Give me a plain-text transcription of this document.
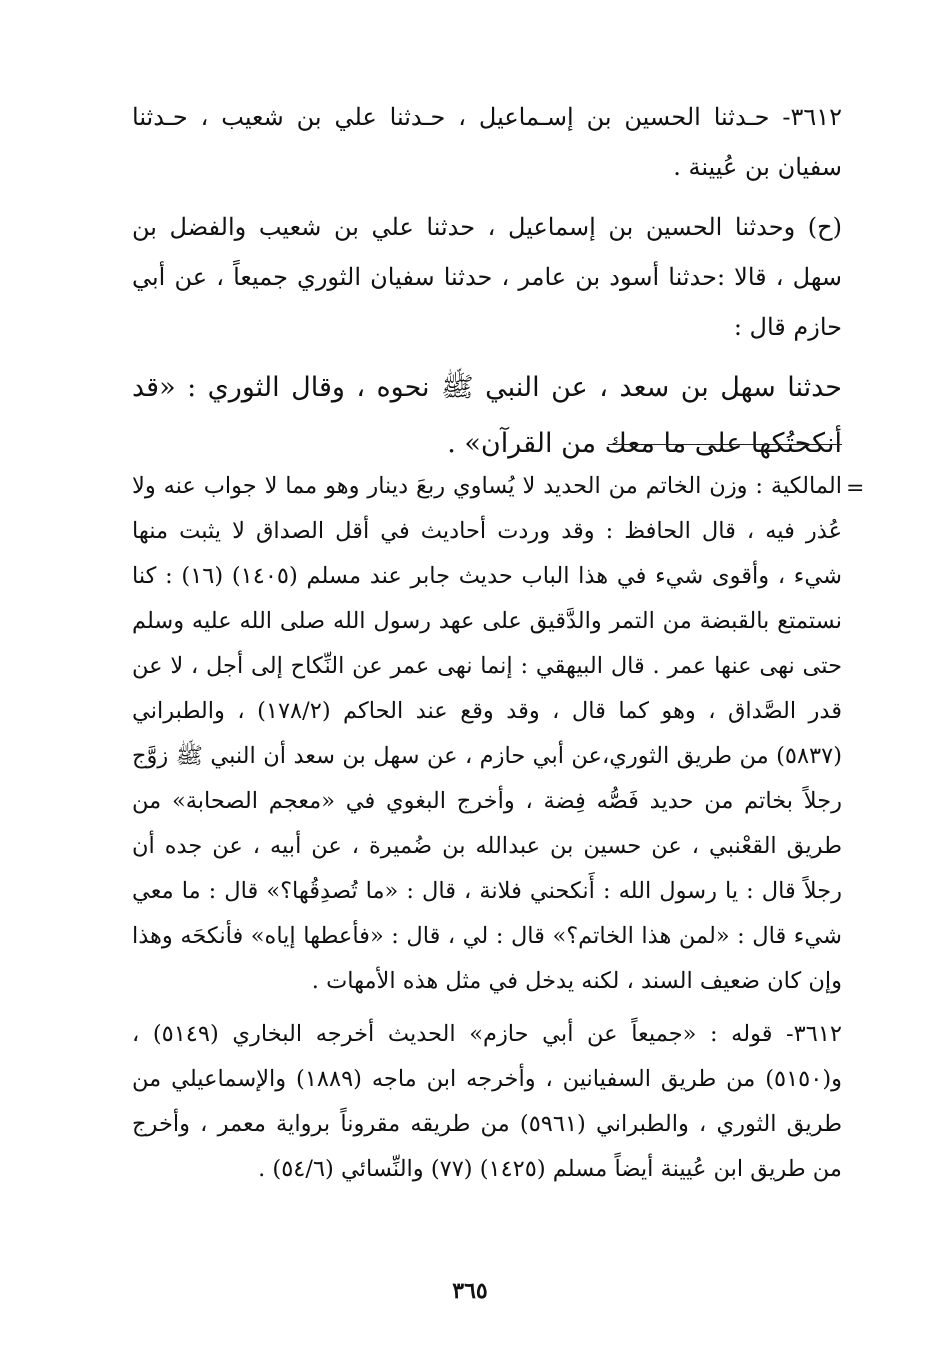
٣٦١٢- حـدثنا الحسين بن إسـماعيل ، حـدثنا علي بن شعيب ، حـدثنا سفيان بن عُيينة .

(ح) وحدثنا الحسين بن إسماعيل ، حدثنا علي بن شعيب والفضل بن سهل ، قالا :حدثنا أسود بن عامر ، حدثنا سفيان الثوري جميعاً ، عن أبي حازم قال :

حدثنا سهل بن سعد ، عن النبي ﷺ نحوه ، وقال الثوري : «قد أنكحتُكها على ما معك من القرآن» .

=

المالكية : وزن الخاتم من الحديد لا يُساوي ربعَ دينار وهو مما لا جواب عنه ولا عُذر فيه ، قال الحافظ : وقد وردت أحاديث في أقل الصداق لا يثبت منها شيء ، وأقوى شيء في هذا الباب حديث جابر عند مسلم (١٤٠٥) (١٦) : كنا نستمتع بالقبضة من التمر والدَّقيق على عهد رسول الله صلى الله عليه وسلم حتى نهى عنها عمر . قال البيهقي : إنما نهى عمر عن النِّكاح إلى أجل ، لا عن قدر الصَّداق ، وهو كما قال ، وقد وقع عند الحاكم (١٧٨/٢) ، والطبراني (٥٨٣٧) من طريق الثوري،عن أبي حازم ، عن سهل بن سعد أن النبي ﷺ زوَّج رجلاً بخاتم من حديد فَصُّه فِضة ، وأخرج البغوي في «معجم الصحابة» من طريق القعْنبي ، عن حسين بن عبدالله بن ضُميرة ، عن أبيه ، عن جده أن رجلاً قال : يا رسول الله : أَنكحني فلانة ، قال : «ما تُصدِقُها؟» قال : ما معي شيء قال : «لمن هذا الخاتم؟» قال : لي ، قال : «فأعطها إياه» فأنكحَه وهذا وإن كان ضعيف السند ، لكنه يدخل في مثل هذه الأمهات .

٣٦١٢- قوله : «جميعاً عن أبي حازم» الحديث أخرجه البخاري (٥١٤٩) ، و(٥١٥٠) من طريق السفيانين ، وأخرجه ابن ماجه (١٨٨٩) والإسماعيلي من طريق الثوري ، والطبراني (٥٩٦١) من طريقه مقروناً برواية معمر ، وأخرج من طريق ابن عُيينة أيضاً مسلم (١٤٢٥) (٧٧) والنِّسائي (٥٤/٦) .

٣٦٥
